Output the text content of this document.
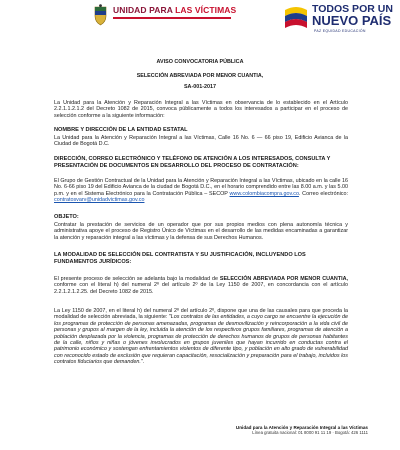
UNIDAD PARA LAS VÍCTIMAS	TODOS POR UN
NUEVO PAÍS
PAZ EQUIDAD EDUCACIÓN
AVISO CONVOCATORIA PÚBLICA
SELECCIÓN ABREVIADA POR MENOR CUANTIA,
SA-001-2017

La Unidad para la Atención y Reparación Integral a las Víctimas en observancia de lo establecido en el Artículo 2.2.1.1.2.1.2 del Decreto 1082 de 2015, convoca públicamente a todos los interesados a participar en el proceso de selección conforme a la siguiente información:

NOMBRE Y DIRECCIÓN DE LA ENTIDAD ESTATAL

La Unidad para la Atención y Reparación Integral a las Víctimas, Calle 16 No. 6 — 66 piso 19, Edificio Avianca de la Ciudad de Bogotá D.C.

DIRECCIÓN, CORREO ELECTRÓNICO Y TELÉFONO DE ATENCIÓN A LOS INTERESADOS, CONSULTA Y PRESENTACIÓN DE DOCUMENTOS EN DESARROLLO DEL PROCESO DE CONTRATACIÓN:

El Grupo de Gestión Contractual de la Unidad para la Atención y Reparación Integral a las Víctimas, ubicado en la calle 16 No. 6-66 piso 19 del Edificio Avianca de la ciudad de Bogotá D.C., en el horario comprendido entre las 8.00 a.m. y las 5.00 p.m. y en el Sistema Electrónico para la Contratación Pública – SECOP www.colombiacompra.gov.co. Correo electrónico: contratosvarv@unidadvictimas.gov.co

OBJETO:

Contratar la prestación de servicios de un operador que por sus propios medios con plena autonomía técnica y administrativa apoye el proceso de Registro Único de Víctimas en el desarrollo de las medidas encaminadas a garantizar la atención y reparación integral a las víctimas y la defensa de sus Derechos Humanos.

LA MODALIDAD DE SELECCIÓN DEL CONTRATISTA Y SU JUSTIFICACIÓN, INCLUYENDO LOS FUNDAMENTOS JURÍDICOS:

El presente proceso de selección se adelanta bajo la modalidad de SELECCIÓN ABREVIADA POR MENOR CUANTIA, conforme con el literal h) del numeral 2º del artículo 2º de la Ley 1150 de 2007, en concordancia con el artículo 2.2.1.2.1.2.25. del Decreto 1082 de 2015.

La Ley 1150 de 2007, en el literal h) del numeral 2º del artículo 2º, dispone que una de las causales para que proceda la modalidad de selección abreviada, la siguiente: "Los contratos de las entidades, a cuyo cargo se encuentre la ejecución de los programas de protección de personas amenazadas, programas de desmovilización y reincorporación a la vida civil de personas y grupos al margen de la ley, incluida la atención de los respectivos grupos familiares, programas de atención a población desplazada por la violencia, programas de protección de derechos humanos de grupos de personas habitantes de la calle, niños y niñas o jóvenes involucrados en grupos juveniles que hayan incurrido en conductas contra el patrimonio económico y sostengan enfrentamientos violentos de diferente tipo, y población en alto grado de vulnerabilidad con reconocido estado de exclusión que requieran capacitación, resocialización y preparación para el trabajo, incluidos los contratos fiduciarios que demanden.".

Unidad para la Atención y Reparación Integral a las Víctimas
Línea gratuita nacional: 01 8000 91 11 19 · Bogotá: 426 1111
